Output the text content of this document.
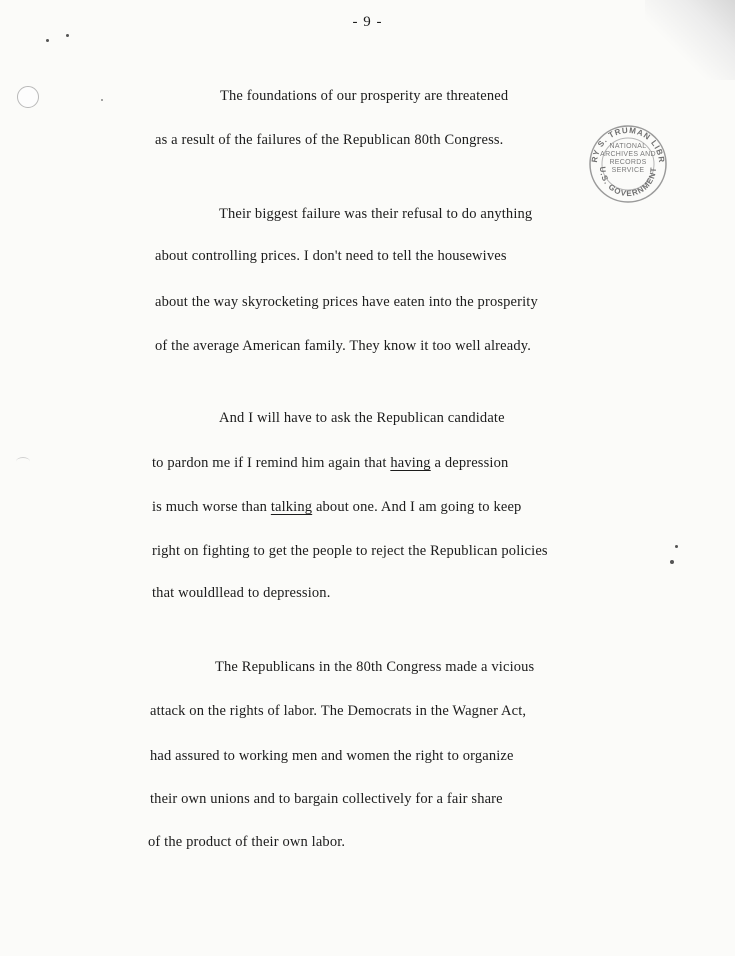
- 9 -
The foundations of our prosperity are threatened
as a result of the failures of the Republican 80th Congress.
Their biggest failure was their refusal to do anything
about controlling prices. I don't need to tell the housewives
about the way skyrocketing prices have eaten into the prosperity
of the average American family. They know it too well already.
And I will have to ask the Republican candidate
to pardon me if I remind him again that having a depression
is much worse than talking about one. And I am going to keep
right on fighting to get the people to reject the Republican policies
that wouldllead to depression.
The Republicans in the 80th Congress made a vicious
attack on the rights of labor. The Democrats in the Wagner Act,
had assured to working men and women the right to organize
their own unions and to bargain collectively for a fair share
of the product of their own labor.
RY S. TRUMAN LIBR
U.S. GOVERNMENT
NATIONAL
ARCHIVES AND
RECORDS
SERVICE
